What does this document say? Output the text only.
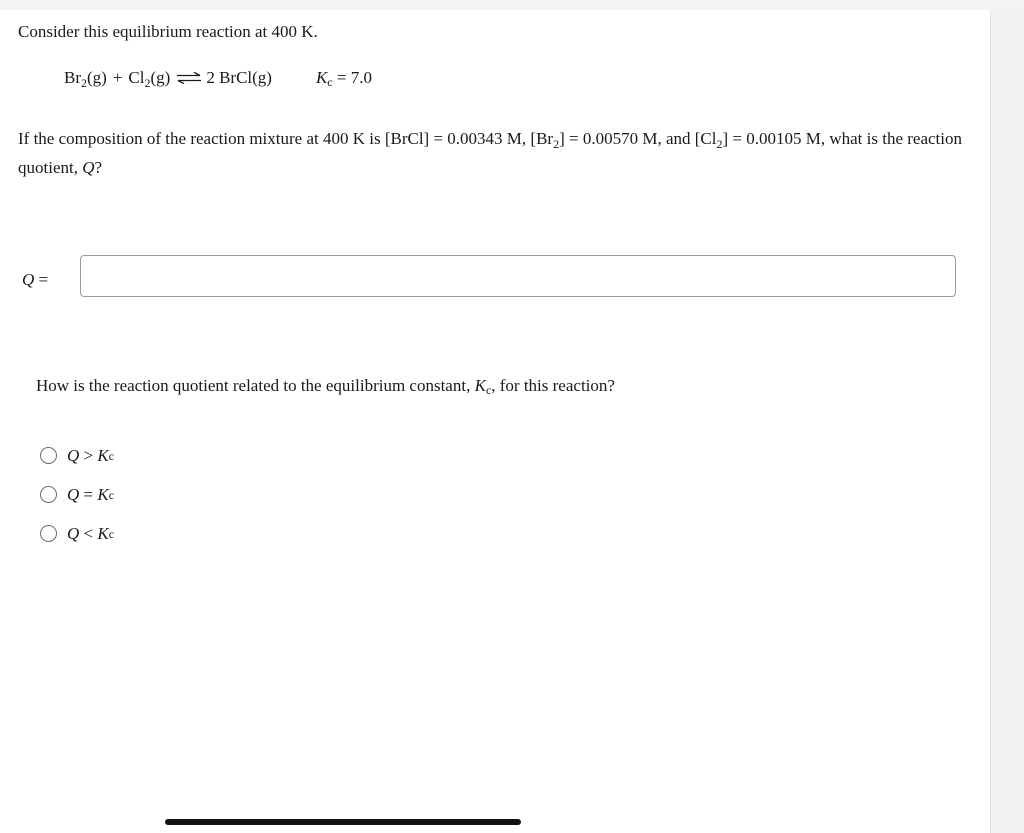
Consider this equilibrium reaction at 400 K.
$Br_2(g) + Cl_2(g)$ ⇌ 2 BrCl(g)	Kc = 7.0
If the composition of the reaction mixture at 400 K is [BrCl] = 0.00343 M, $[Br_2] = 0.00570$ M, and $[Cl_2] = 0.00105$ M, what is the reaction quotient, Q?
Q =
How is the reaction quotient related to the equilibrium constant, Kc, for this reaction?
Q
>
K c
Q
=
K c
Q
<
K c
